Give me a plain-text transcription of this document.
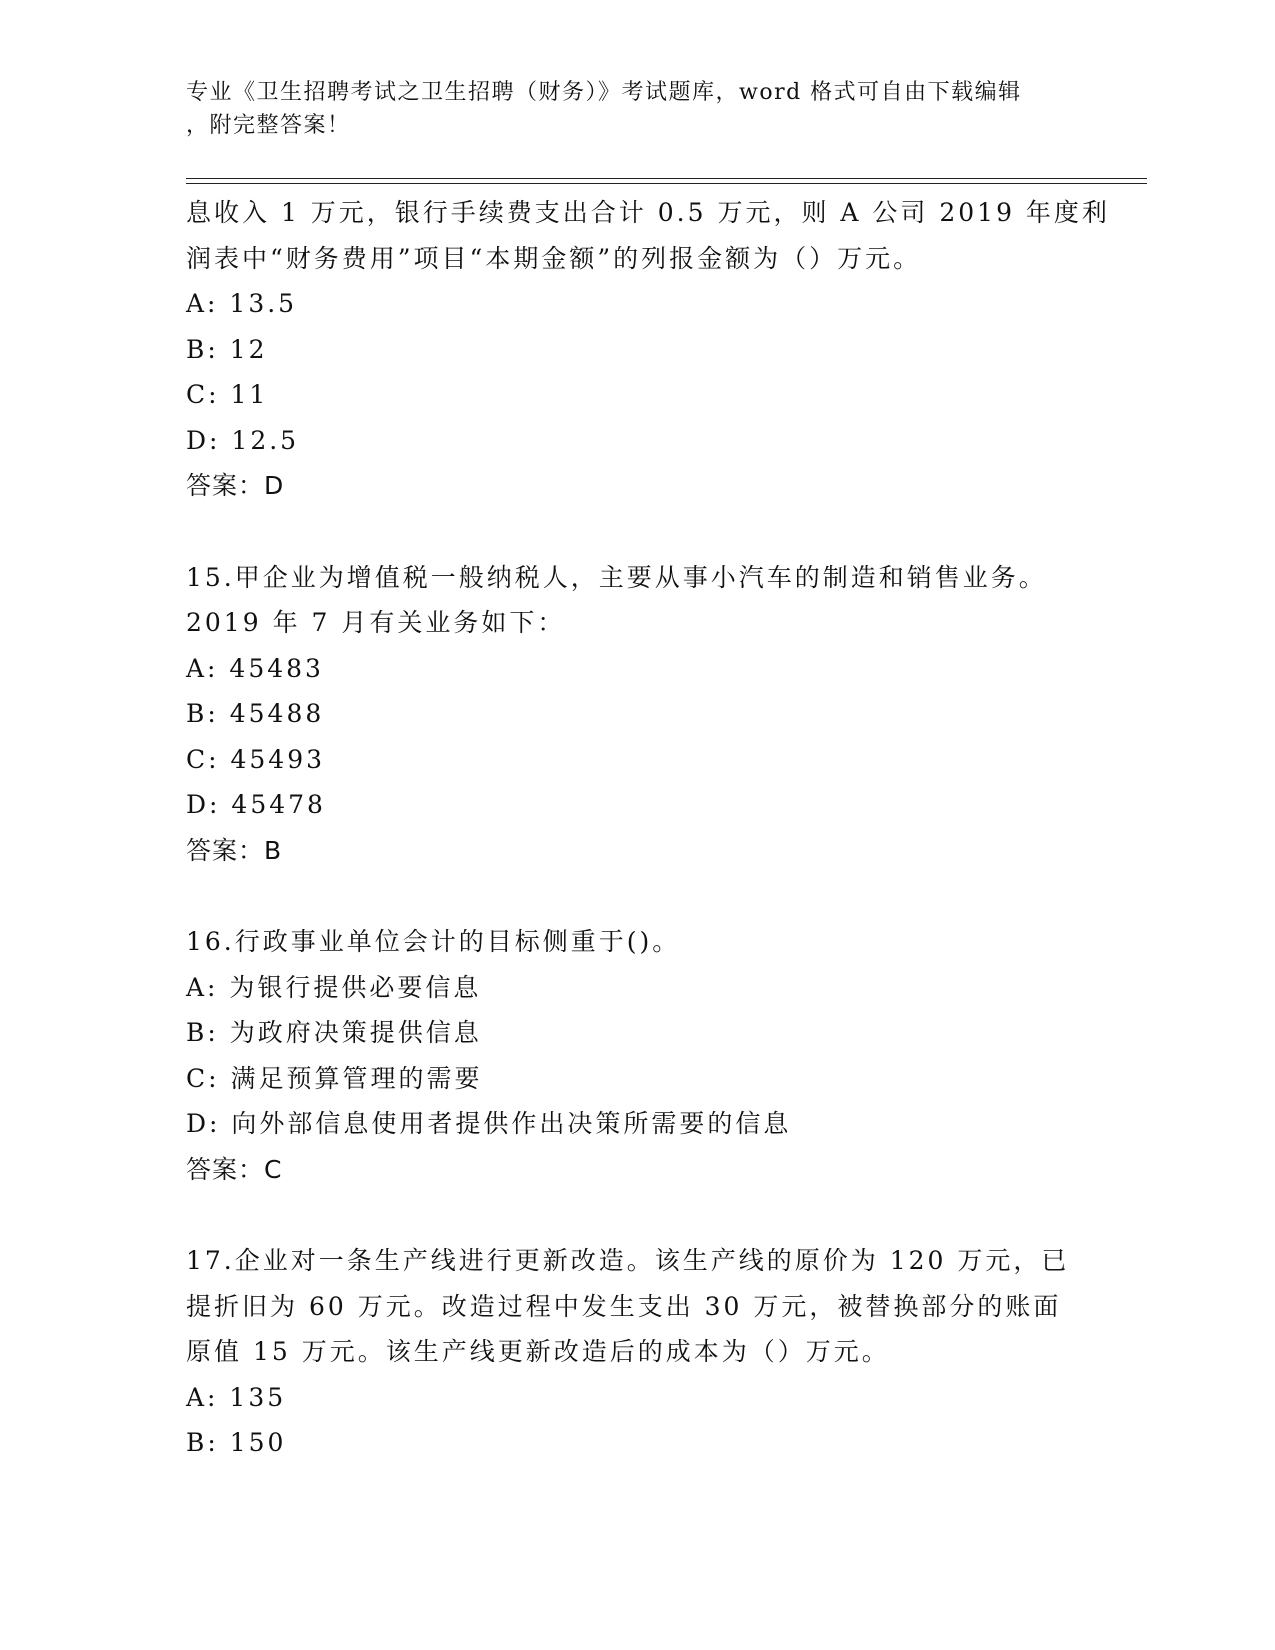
专业《卫生招聘考试之卫生招聘（财务）》考试题库，word 格式可自由下载编辑
，附完整答案！
息收入 1 万元，银行手续费支出合计 0.5 万元，则 A 公司 2019 年度利
润表中“财务费用”项目“本期金额”的列报金额为（）万元。
A: 13.5
B: 12
C: 11
D: 12.5
答案：D
15.甲企业为增值税一般纳税人，主要从事小汽车的制造和销售业务。
2019 年 7 月有关业务如下：
A: 45483
B: 45488
C: 45493
D: 45478
答案：B
16.行政事业单位会计的目标侧重于()。
A: 为银行提供必要信息
B: 为政府决策提供信息
C: 满足预算管理的需要
D: 向外部信息使用者提供作出决策所需要的信息
答案：C
17.企业对一条生产线进行更新改造。该生产线的原价为 120 万元，已
提折旧为 60 万元。改造过程中发生支出 30 万元，被替换部分的账面
原值 15 万元。该生产线更新改造后的成本为（）万元。
A: 135
B: 150
